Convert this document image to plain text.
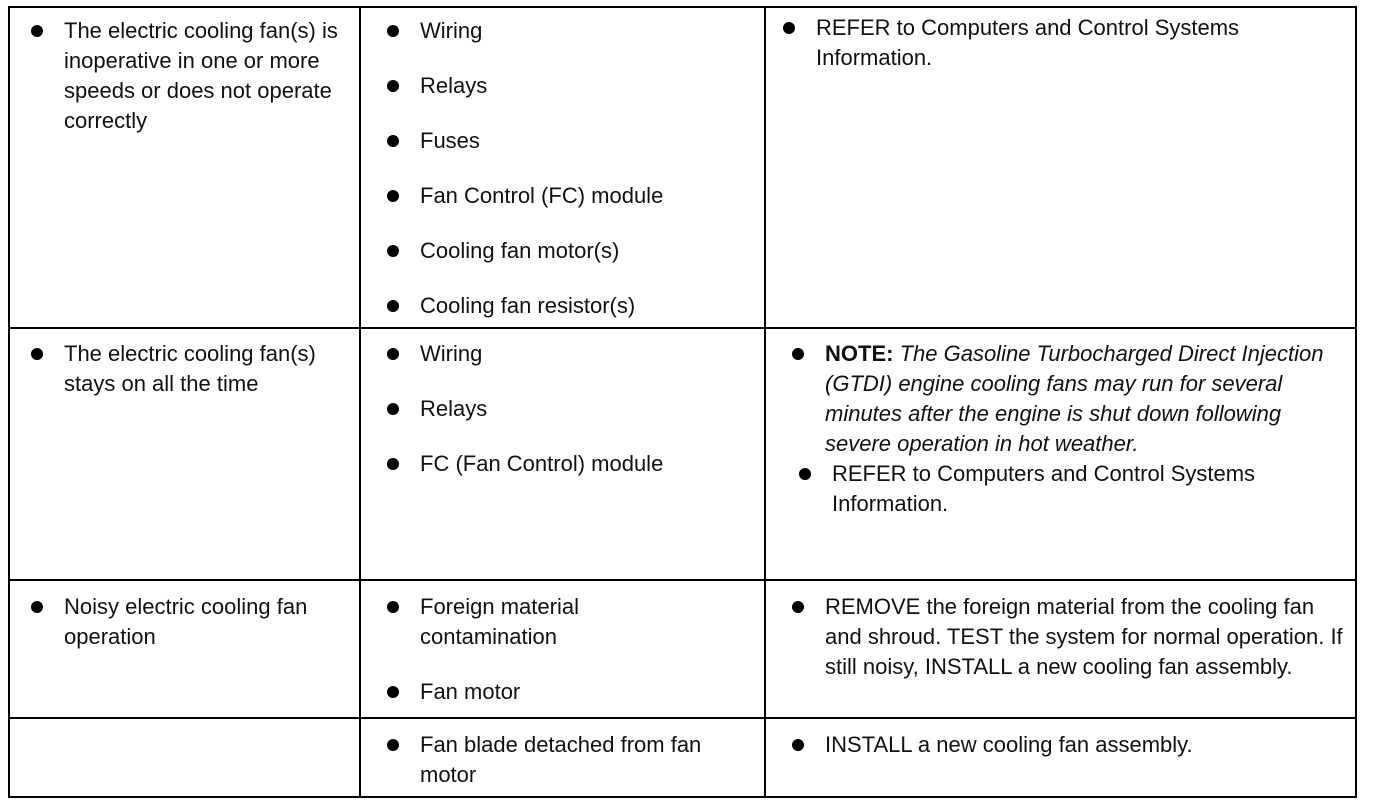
The electric cooling fan(s) is inoperative in one or more speeds or does not operate correctly
Wiring
Relays
Fuses
Fan Control (FC) module
Cooling fan motor(s)
Cooling fan resistor(s)
REFER to Computers and Control Systems Information.
The electric cooling fan(s) stays on all the time
Wiring
Relays
FC (Fan Control) module
NOTE: The Gasoline Turbocharged Direct Injection (GTDI) engine cooling fans may run for several minutes after the engine is shut down following severe operation in hot weather.
REFER to Computers and Control Systems Information.
Noisy electric cooling fan operation
Foreign material contamination
Fan motor
REMOVE the foreign material from the cooling fan and shroud. TEST the system for normal operation. If still noisy, INSTALL a new cooling fan assembly.
Fan blade detached from fan motor
INSTALL a new cooling fan assembly.
